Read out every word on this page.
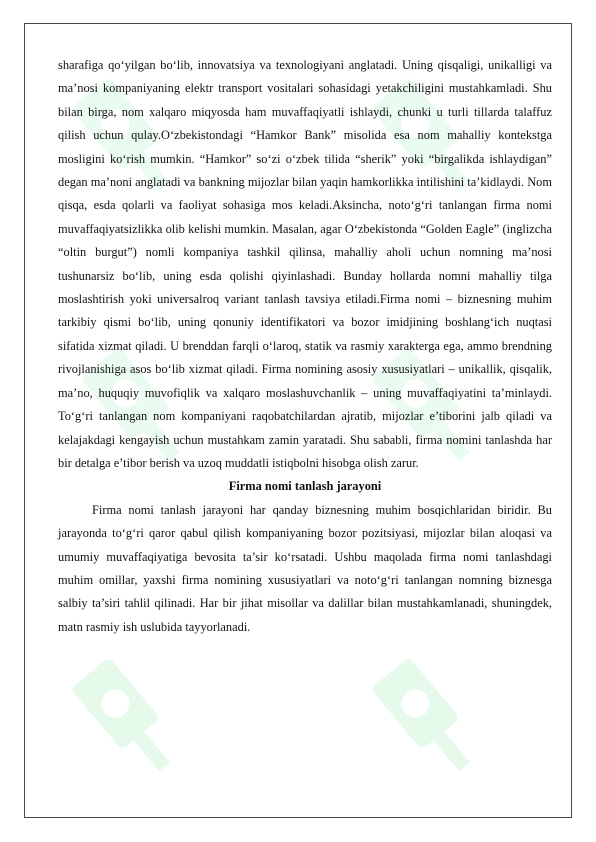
sharafiga qo‘yilgan bo‘lib, innovatsiya va texnologiyani anglatadi. Uning qisqaligi, unikalligi va ma’nosi kompaniyaning elektr transport vositalari sohasidagi yetakchiligini mustahkamladi. Shu bilan birga, nom xalqaro miqyosda ham muvaffaqiyatli ishlaydi, chunki u turli tillarda talaffuz qilish uchun qulay.O‘zbekistondagi “Hamkor Bank” misolida esa nom mahalliy kontekstga mosligini ko‘rish mumkin. “Hamkor” so‘zi o‘zbek tilida “sherik” yoki “birgalikda ishlaydigan” degan ma’noni anglatadi va bankning mijozlar bilan yaqin hamkorlikka intilishini ta’kidlaydi. Nom qisqa, esda qolarli va faoliyat sohasiga mos keladi.Aksincha, noto‘g‘ri tanlangan firma nomi muvaffaqiyatsizlikka olib kelishi mumkin. Masalan, agar O‘zbekistonda “Golden Eagle” (inglizcha “oltin burgut”) nomli kompaniya tashkil qilinsa, mahalliy aholi uchun nomning ma’nosi tushunarsiz bo‘lib, uning esda qolishi qiyinlashadi. Bunday hollarda nomni mahalliy tilga moslashtirish yoki universalroq variant tanlash tavsiya etiladi.Firma nomi – biznesning muhim tarkibiy qismi bo‘lib, uning qonuniy identifikatori va bozor imidjining boshlang‘ich nuqtasi sifatida xizmat qiladi. U brenddan farqli o‘laroq, statik va rasmiy xarakterga ega, ammo brendning rivojlanishiga asos bo‘lib xizmat qiladi. Firma nomining asosiy xususiyatlari – unikallik, qisqalik, ma’no, huquqiy muvofiqlik va xalqaro moslashuvchanlik – uning muvaffaqiyatini ta’minlaydi. To‘g‘ri tanlangan nom kompaniyani raqobatchilardan ajratib, mijozlar e’tiborini jalb qiladi va kelajakdagi kengayish uchun mustahkam zamin yaratadi. Shu sababli, firma nomini tanlashda har bir detalga e’tibor berish va uzoq muddatli istiqbolni hisobga olish zarur.

Firma nomi tanlash jarayoni

Firma nomi tanlash jarayoni har qanday biznesning muhim bosqichlaridan biridir. Bu jarayonda to‘g‘ri qaror qabul qilish kompaniyaning bozor pozitsiyasi, mijozlar bilan aloqasi va umumiy muvaffaqiyatiga bevosita ta’sir ko‘rsatadi. Ushbu maqolada firma nomi tanlashdagi muhim omillar, yaxshi firma nomining xususiyatlari va noto‘g‘ri tanlangan nomning biznesga salbiy ta’siri tahlil qilinadi. Har bir jihat misollar va dalillar bilan mustahkamlanadi, shuningdek, matn rasmiy ish uslubida tayyorlanadi.
